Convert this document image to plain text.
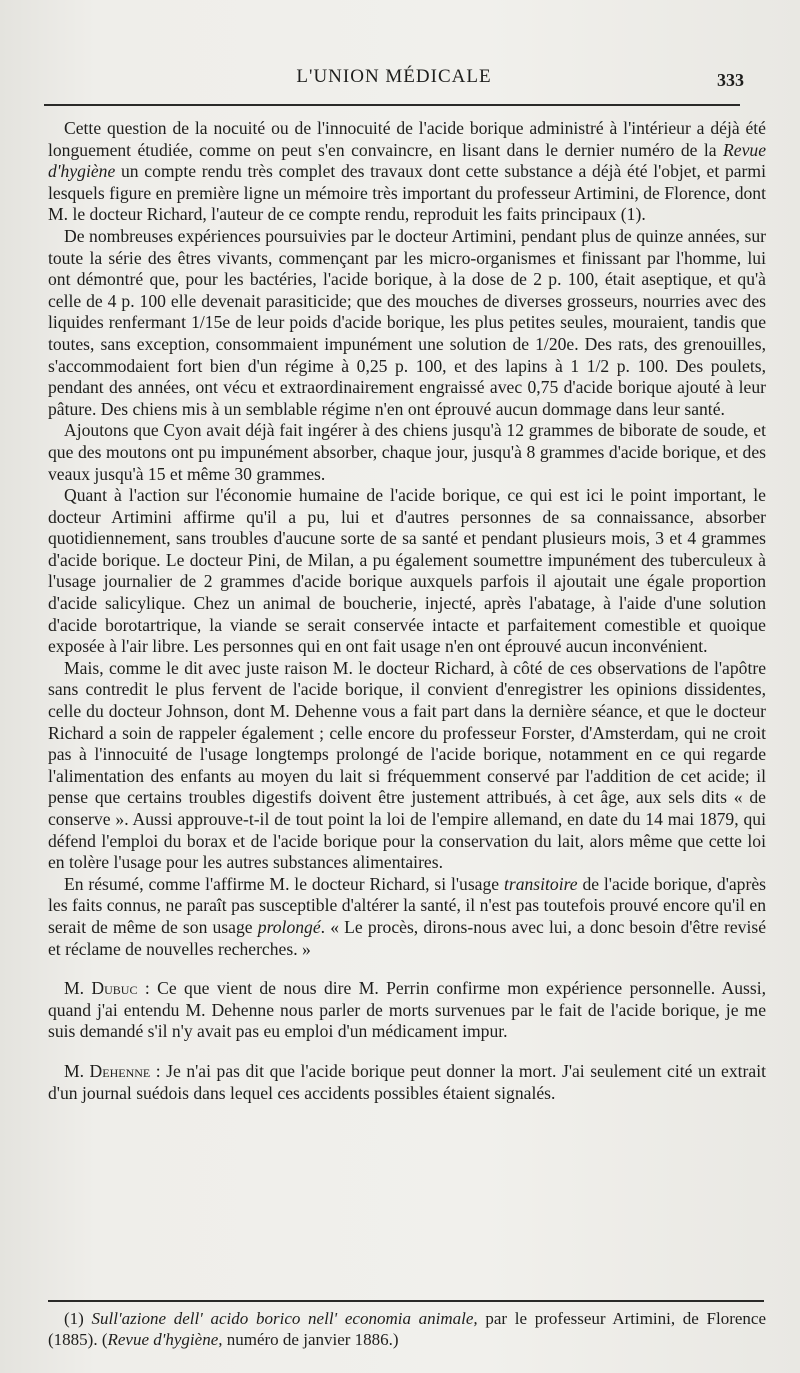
L'UNION MÉDICALE	333

Cette question de la nocuité ou de l'innocuité de l'acide borique administré à l'intérieur a déjà été longuement étudiée, comme on peut s'en convaincre, en lisant dans le dernier numéro de la Revue d'hygiène un compte rendu très complet des travaux dont cette substance a déjà été l'objet, et parmi lesquels figure en première ligne un mémoire très important du professeur Artimini, de Florence, dont M. le docteur Richard, l'auteur de ce compte rendu, reproduit les faits principaux (1).

De nombreuses expériences poursuivies par le docteur Artimini, pendant plus de quinze années, sur toute la série des êtres vivants, commençant par les micro-organismes et finissant par l'homme, lui ont démontré que, pour les bactéries, l'acide borique, à la dose de 2 p. 100, était aseptique, et qu'à celle de 4 p. 100 elle devenait parasiticide; que des mouches de diverses grosseurs, nourries avec des liquides renfermant 1/15e de leur poids d'acide borique, les plus petites seules, mouraient, tandis que toutes, sans exception, consommaient impunément une solution de 1/20e. Des rats, des grenouilles, s'accommodaient fort bien d'un régime à 0,25 p. 100, et des lapins à 1 1/2 p. 100. Des poulets, pendant des années, ont vécu et extraordinairement engraissé avec 0,75 d'acide borique ajouté à leur pâture. Des chiens mis à un semblable régime n'en ont éprouvé aucun dommage dans leur santé.

Ajoutons que Cyon avait déjà fait ingérer à des chiens jusqu'à 12 grammes de biborate de soude, et que des moutons ont pu impunément absorber, chaque jour, jusqu'à 8 grammes d'acide borique, et des veaux jusqu'à 15 et même 30 grammes.

Quant à l'action sur l'économie humaine de l'acide borique, ce qui est ici le point important, le docteur Artimini affirme qu'il a pu, lui et d'autres personnes de sa connaissance, absorber quotidiennement, sans troubles d'aucune sorte de sa santé et pendant plusieurs mois, 3 et 4 grammes d'acide borique. Le docteur Pini, de Milan, a pu également soumettre impunément des tuberculeux à l'usage journalier de 2 grammes d'acide borique auxquels parfois il ajoutait une égale proportion d'acide salicylique. Chez un animal de boucherie, injecté, après l'abatage, à l'aide d'une solution d'acide borotartrique, la viande se serait conservée intacte et parfaitement comestible et quoique exposée à l'air libre. Les personnes qui en ont fait usage n'en ont éprouvé aucun inconvénient.

Mais, comme le dit avec juste raison M. le docteur Richard, à côté de ces observations de l'apôtre sans contredit le plus fervent de l'acide borique, il convient d'enregistrer les opinions dissidentes, celle du docteur Johnson, dont M. Dehenne vous a fait part dans la dernière séance, et que le docteur Richard a soin de rappeler également ; celle encore du professeur Forster, d'Amsterdam, qui ne croit pas à l'innocuité de l'usage longtemps prolongé de l'acide borique, notamment en ce qui regarde l'alimentation des enfants au moyen du lait si fréquemment conservé par l'addition de cet acide; il pense que certains troubles digestifs doivent être justement attribués, à cet âge, aux sels dits « de conserve ». Aussi approuve-t-il de tout point la loi de l'empire allemand, en date du 14 mai 1879, qui défend l'emploi du borax et de l'acide borique pour la conservation du lait, alors même que cette loi en tolère l'usage pour les autres substances alimentaires.

En résumé, comme l'affirme M. le docteur Richard, si l'usage transitoire de l'acide borique, d'après les faits connus, ne paraît pas susceptible d'altérer la santé, il n'est pas toutefois prouvé encore qu'il en serait de même de son usage prolongé. « Le procès, dirons-nous avec lui, a donc besoin d'être revisé et réclame de nouvelles recherches. »

M. Dubuc : Ce que vient de nous dire M. Perrin confirme mon expérience personnelle. Aussi, quand j'ai entendu M. Dehenne nous parler de morts survenues par le fait de l'acide borique, je me suis demandé s'il n'y avait pas eu emploi d'un médicament impur.

M. Dehenne : Je n'ai pas dit que l'acide borique peut donner la mort. J'ai seulement cité un extrait d'un journal suédois dans lequel ces accidents possibles étaient signalés.

(1) Sull'azione dell' acido borico nell' economia animale, par le professeur Artimini, de Florence (1885). (Revue d'hygiène, numéro de janvier 1886.)
